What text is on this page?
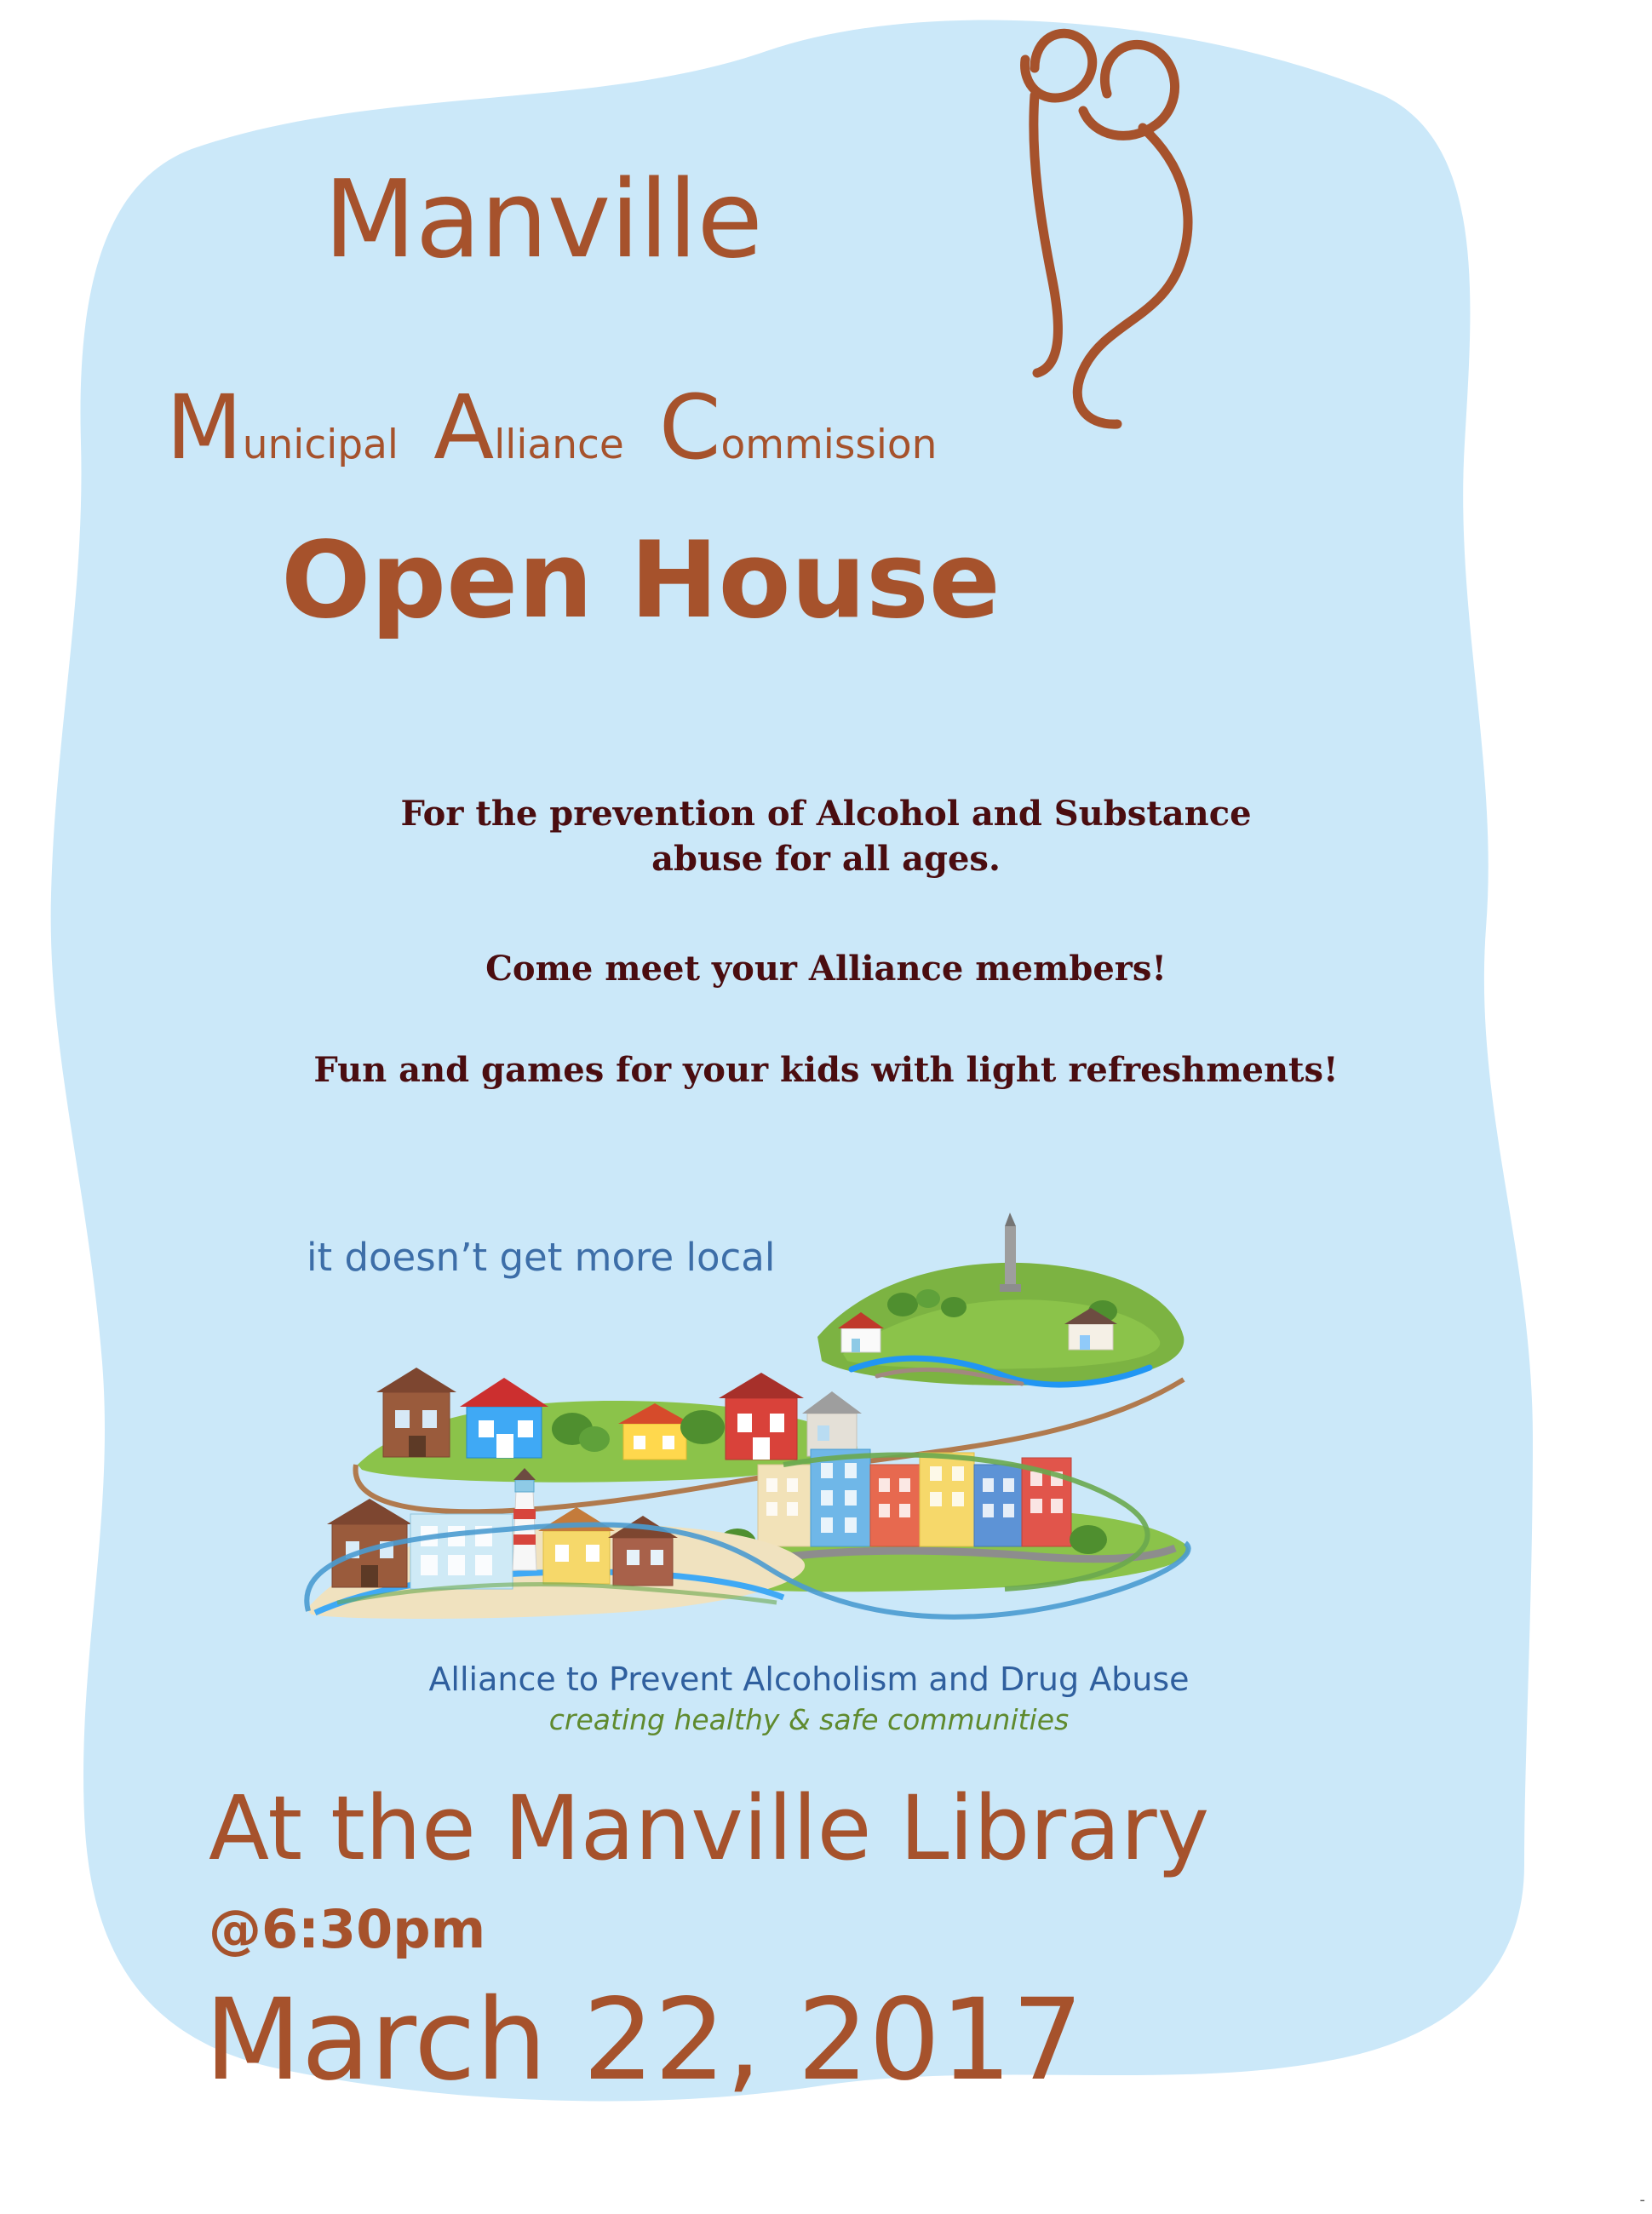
Manville
Municipal Alliance Commission
Open House
For the prevention of Alcohol and Substance abuse for all ages.
Come meet your Alliance members!
Fun and games for your kids with light refreshments!
it doesn’t get more local
Alliance to Prevent Alcoholism and Drug Abuse
creating healthy & safe communities
At the Manville Library
@6:30pm
March 22, 2017
-
